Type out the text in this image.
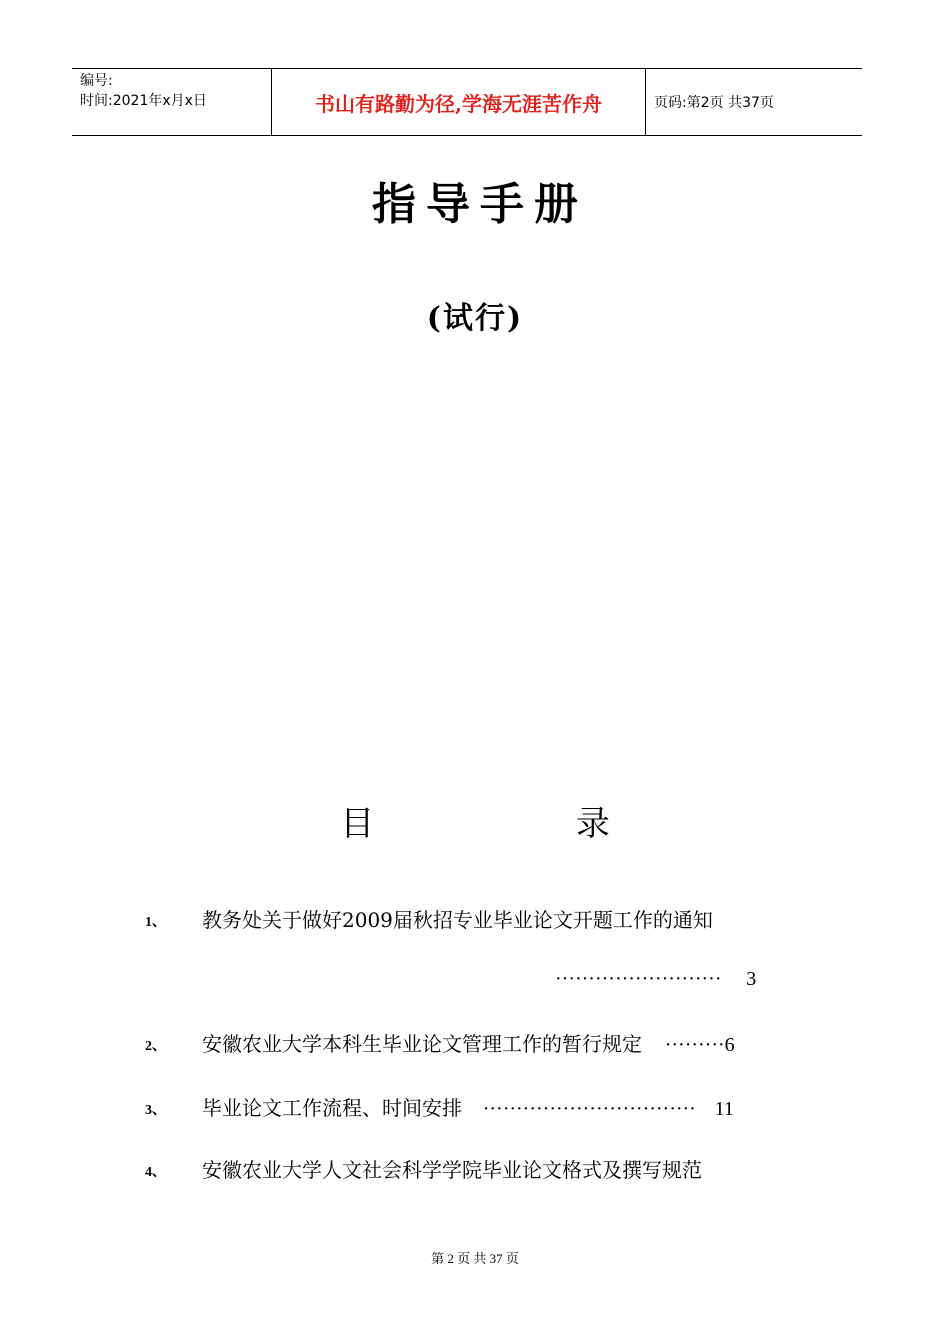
编号:
时间:2021年x月x日	书山有路勤为径,学海无涯苦作舟	页码:第2页 共37页
指导手册
(试行)
目	录
1、 教务处关于做好2009届秋招专业毕业论文开题工作的通知
························· 3
2、 安徽农业大学本科生毕业论文管理工作的暂行规定 ·········6
3、 毕业论文工作流程、时间安排 ································ 11
4、 安徽农业大学人文社会科学学院毕业论文格式及撰写规范
第 2 页 共 37 页
